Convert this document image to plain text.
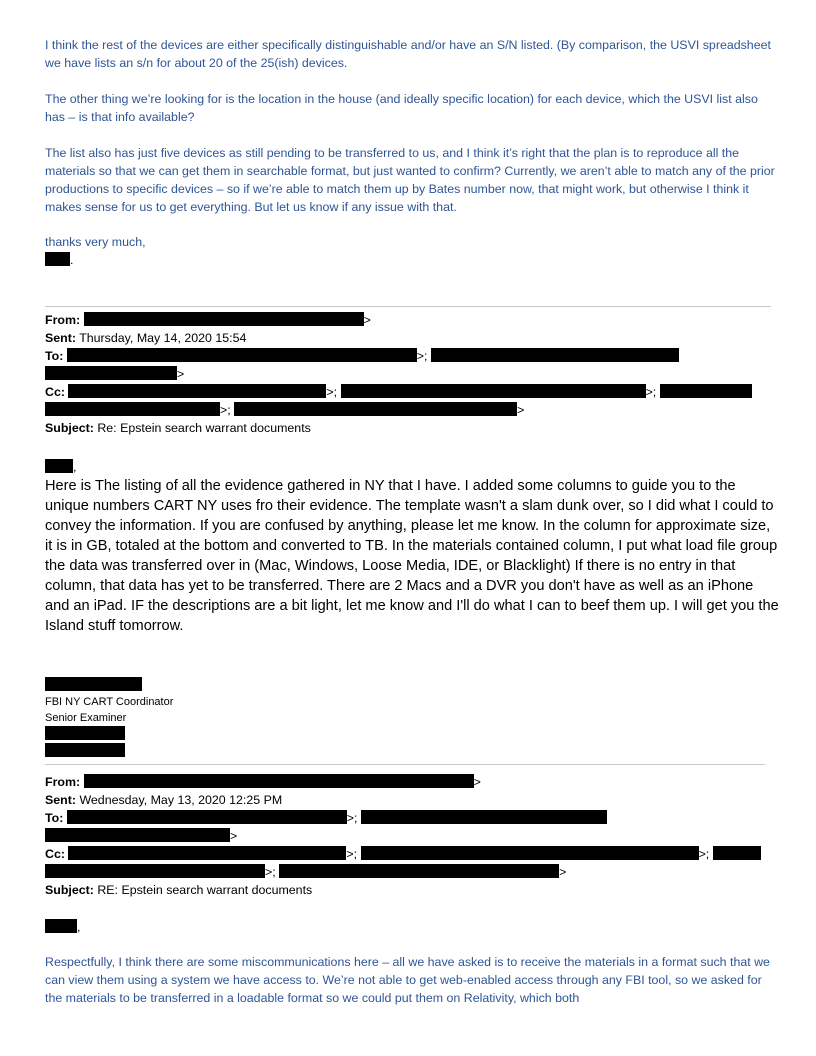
I think the rest of the devices are either specifically distinguishable and/or have an S/N listed. (By comparison, the USVI spreadsheet we have lists an s/n for about 20 of the 25(ish) devices.

The other thing we’re looking for is the location in the house (and ideally specific location) for each device, which the USVI list also has – is that info available?

The list also has just five devices as still pending to be transferred to us, and I think it’s right that the plan is to reproduce all the materials so that we can get them in searchable format, but just wanted to confirm? Currently, we aren’t able to match any of the prior productions to specific devices – so if we’re able to match them up by Bates number now, that might work, but otherwise I think it makes sense for us to get everything. But let us know if any issue with that.

thanks very much,

.
From:	>
Sent: Thursday, May 14, 2020 15:54
To:	>;
>
Cc:	>;	>;
>;	>
Subject: Re: Epstein search warrant documents
,

Here is The listing of all the evidence gathered in NY that I have. I added some columns to guide you to the unique numbers CART NY uses fro their evidence. The template wasn't a slam dunk over, so I did what I could to convey the information. If you are confused by anything, please let me know. In the column for approximate size, it is in GB, totaled at the bottom and converted to TB. In the materials contained column, I put what load file group the data was transferred over in (Mac, Windows, Loose Media, IDE, or Blacklight) If there is no entry in that column, that data has yet to be transferred. There are 2 Macs and a DVR you don't have as well as an iPhone and an iPad. IF the descriptions are a bit light, let me know and I'll do what I can to beef them up. I will get you the Island stuff tomorrow.

FBI NY CART Coordinator
Senior Examiner
From:	>
Sent: Wednesday, May 13, 2020 12:25 PM
To:	>;
>
Cc:	>;	>;
>;	>
Subject: RE: Epstein search warrant documents
,

Respectfully, I think there are some miscommunications here – all we have asked is to receive the materials in a format such that we can view them using a system we have access to. We’re not able to get web-enabled access through any FBI tool, so we asked for the materials to be transferred in a loadable format so we could put them on Relativity, which both
